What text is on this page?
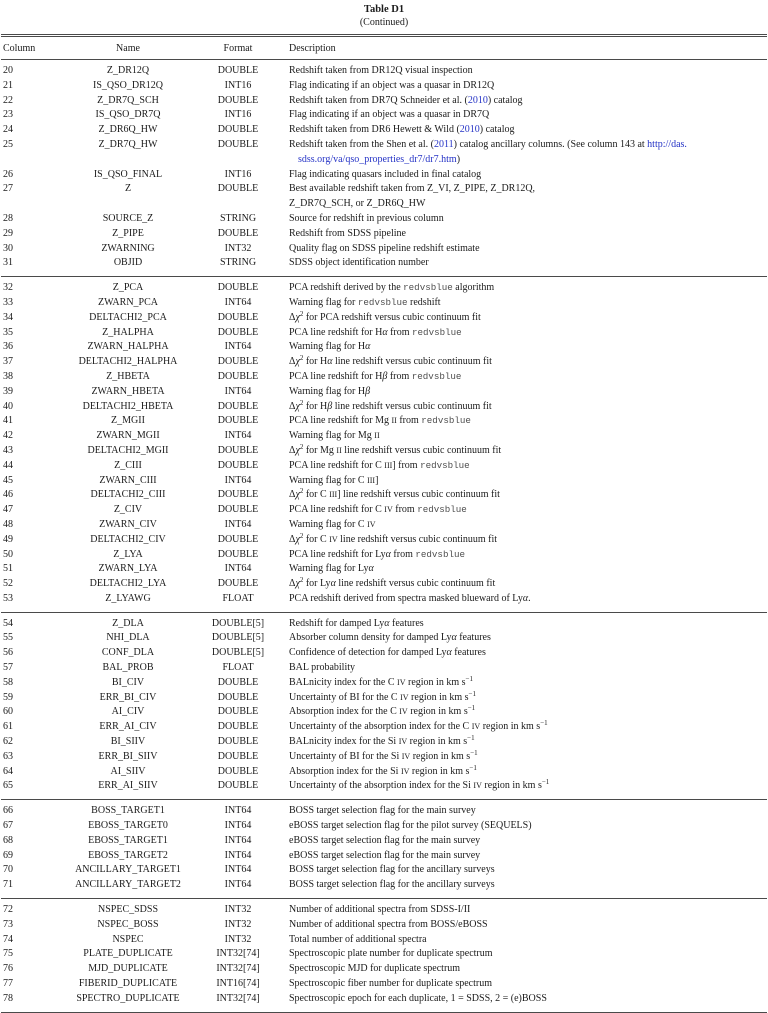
Table D1
(Continued)
Column	Name	Format	Description
20	Z_DR12Q	DOUBLE	Redshift taken from DR12Q visual inspection
21	IS_QSO_DR12Q	INT16	Flag indicating if an object was a quasar in DR12Q
22	Z_DR7Q_SCH	DOUBLE	Redshift taken from DR7Q Schneider et al. (2010) catalog
23	IS_QSO_DR7Q	INT16	Flag indicating if an object was a quasar in DR7Q
24	Z_DR6Q_HW	DOUBLE	Redshift taken from DR6 Hewett & Wild (2010) catalog
25	Z_DR7Q_HW	DOUBLE	Redshift taken from the Shen et al. (2011) catalog ancillary columns. (See column 143 at http://das.
sdss.org/va/qso_properties_dr7/dr7.htm)
26	IS_QSO_FINAL	INT16	Flag indicating quasars included in final catalog
27	Z	DOUBLE	Best available redshift taken from Z_VI, Z_PIPE, Z_DR12Q,
Z_DR7Q_SCH, or Z_DR6Q_HW
28	SOURCE_Z	STRING	Source for redshift in previous column
29	Z_PIPE	DOUBLE	Redshift from SDSS pipeline
30	ZWARNING	INT32	Quality flag on SDSS pipeline redshift estimate
31	OBJID	STRING	SDSS object identification number
32	Z_PCA	DOUBLE	PCA redshift derived by the redvsblue algorithm
33	ZWARN_PCA	INT64	Warning flag for redvsblue redshift
34	DELTACHI2_PCA	DOUBLE	$\Delta\chi^2$ for PCA redshift versus cubic continuum fit
35	Z_HALPHA	DOUBLE	PCA line redshift for Hα from redvsblue
36	ZWARN_HALPHA	INT64	Warning flag for Hα
37	DELTACHI2_HALPHA	DOUBLE	$\Delta\chi^2$ for Hα line redshift versus cubic continuum fit
38	Z_HBETA	DOUBLE	PCA line redshift for Hβ from redvsblue
39	ZWARN_HBETA	INT64	Warning flag for Hβ
40	DELTACHI2_HBETA	DOUBLE	$\Delta\chi^2$ for Hβ line redshift versus cubic continuum fit
41	Z_MGII	DOUBLE	PCA line redshift for Mg II from redvsblue
42	ZWARN_MGII	INT64	Warning flag for Mg II
43	DELTACHI2_MGII	DOUBLE	$\Delta\chi^2$ for Mg II line redshift versus cubic continuum fit
44	Z_CIII	DOUBLE	PCA line redshift for C III] from redvsblue
45	ZWARN_CIII	INT64	Warning flag for C III]
46	DELTACHI2_CIII	DOUBLE	$\Delta\chi^2$ for C III] line redshift versus cubic continuum fit
47	Z_CIV	DOUBLE	PCA line redshift for C IV from redvsblue
48	ZWARN_CIV	INT64	Warning flag for C IV
49	DELTACHI2_CIV	DOUBLE	$\Delta\chi^2$ for C IV line redshift versus cubic continuum fit
50	Z_LYA	DOUBLE	PCA line redshift for Lyα from redvsblue
51	ZWARN_LYA	INT64	Warning flag for Lyα
52	DELTACHI2_LYA	DOUBLE	$\Delta\chi^2$ for Lyα line redshift versus cubic continuum fit
53	Z_LYAWG	FLOAT	PCA redshift derived from spectra masked blueward of Lyα.
54	Z_DLA	DOUBLE[5]	Redshift for damped Lyα features
55	NHI_DLA	DOUBLE[5]	Absorber column density for damped Lyα features
56	CONF_DLA	DOUBLE[5]	Confidence of detection for damped Lyα features
57	BAL_PROB	FLOAT	BAL probability
58	BI_CIV	DOUBLE	BALnicity index for the C IV region in km $s^{-1}$
59	ERR_BI_CIV	DOUBLE	Uncertainty of BI for the C IV region in km $s^{-1}$
60	AI_CIV	DOUBLE	Absorption index for the C IV region in km $s^{-1}$
61	ERR_AI_CIV	DOUBLE	Uncertainty of the absorption index for the C IV region in km $s^{-1}$
62	BI_SIIV	DOUBLE	BALnicity index for the Si IV region in km $s^{-1}$
63	ERR_BI_SIIV	DOUBLE	Uncertainty of BI for the Si IV region in km $s^{-1}$
64	AI_SIIV	DOUBLE	Absorption index for the Si IV region in km $s^{-1}$
65	ERR_AI_SIIV	DOUBLE	Uncertainty of the absorption index for the Si IV region in km $s^{-1}$
66	BOSS_TARGET1	INT64	BOSS target selection flag for the main survey
67	EBOSS_TARGET0	INT64	eBOSS target selection flag for the pilot survey (SEQUELS)
68	EBOSS_TARGET1	INT64	eBOSS target selection flag for the main survey
69	EBOSS_TARGET2	INT64	eBOSS target selection flag for the main survey
70	ANCILLARY_TARGET1	INT64	BOSS target selection flag for the ancillary surveys
71	ANCILLARY_TARGET2	INT64	BOSS target selection flag for the ancillary surveys
72	NSPEC_SDSS	INT32	Number of additional spectra from SDSS-I/II
73	NSPEC_BOSS	INT32	Number of additional spectra from BOSS/eBOSS
74	NSPEC	INT32	Total number of additional spectra
75	PLATE_DUPLICATE	INT32[74]	Spectroscopic plate number for duplicate spectrum
76	MJD_DUPLICATE	INT32[74]	Spectroscopic MJD for duplicate spectrum
77	FIBERID_DUPLICATE	INT16[74]	Spectroscopic fiber number for duplicate spectrum
78	SPECTRO_DUPLICATE	INT32[74]	Spectroscopic epoch for each duplicate, 1 = SDSS, 2 = (e)BOSS
